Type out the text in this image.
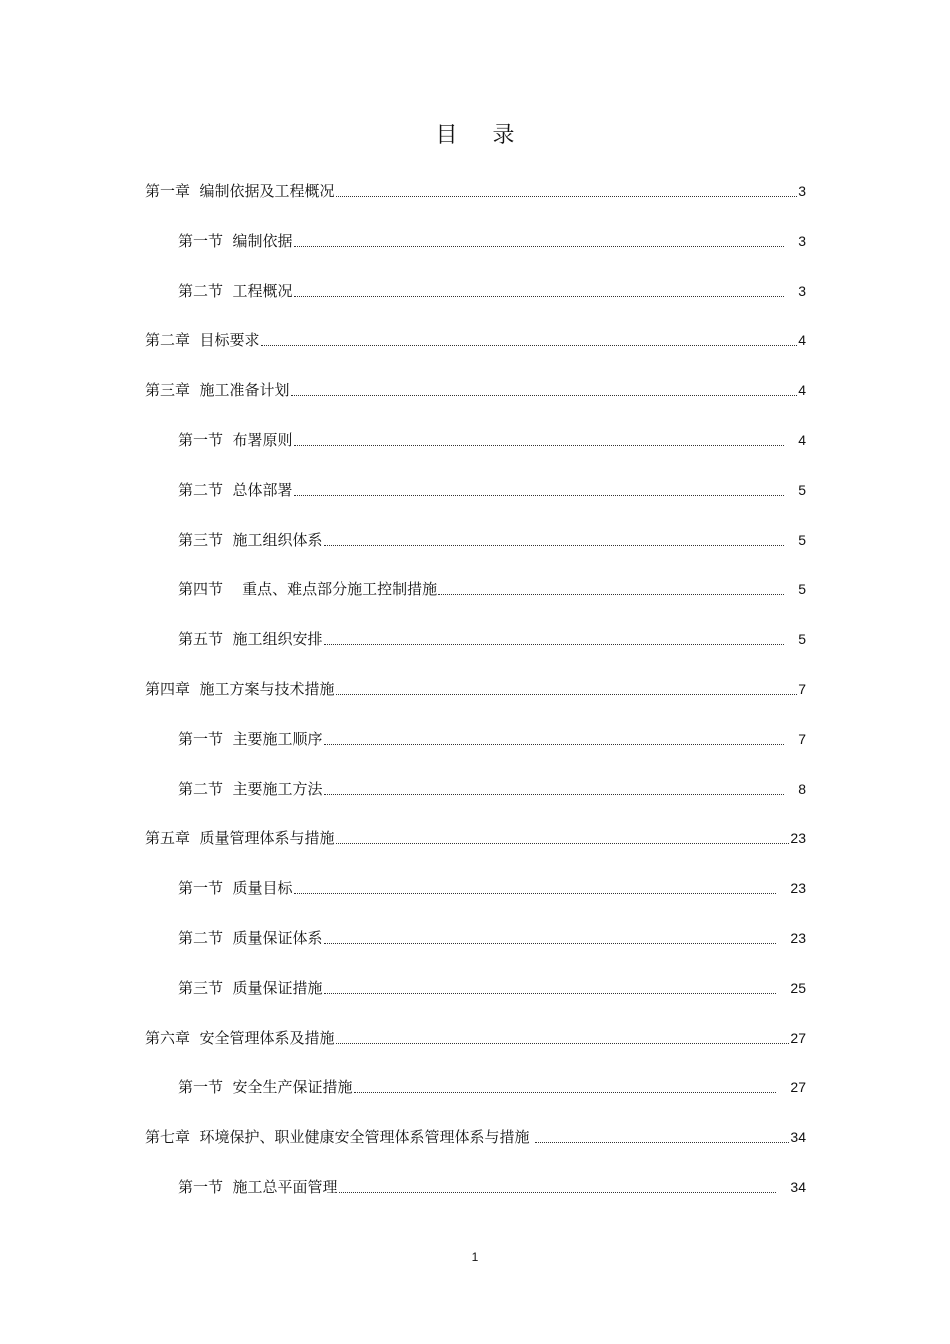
目 录
第一章  编制依据及工程概况	3
第一节  编制依据	3
第二节  工程概况	3
第二章  目标要求	4
第三章  施工准备计划	4
第一节  布署原则	4
第二节  总体部署	5
第三节  施工组织体系	5
第四节    重点、难点部分施工控制措施	5
第五节  施工组织安排	5
第四章  施工方案与技术措施	7
第一节  主要施工顺序	7
第二节  主要施工方法	8
第五章  质量管理体系与措施	23
第一节  质量目标	23
第二节  质量保证体系	23
第三节  质量保证措施	25
第六章  安全管理体系及措施	27
第一节  安全生产保证措施	27
第七章  环境保护、职业健康安全管理体系管理体系与措施	34
第一节  施工总平面管理	34
1
